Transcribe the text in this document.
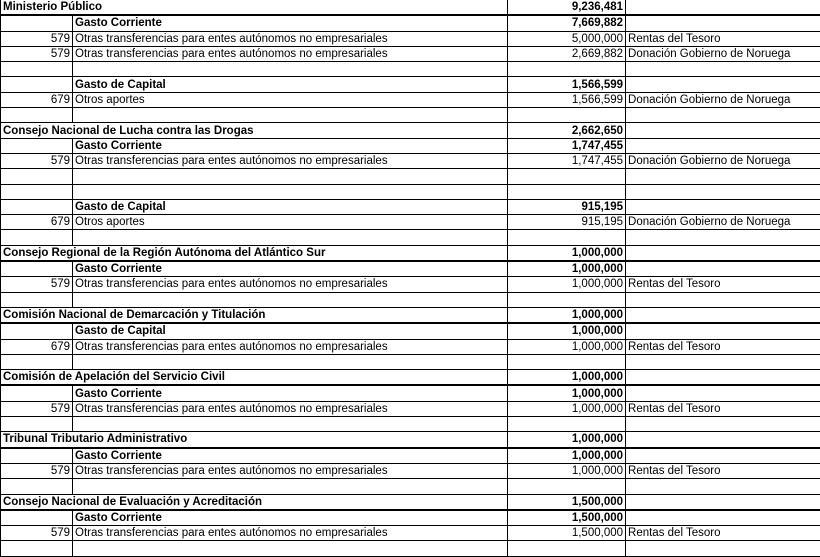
Ministerio Público		9,236,481	
	Gasto Corriente	7,669,882	
579	Otras transferencias para entes autónomos no empresariales	5,000,000	Rentas del Tesoro
579	Otras transferencias para entes autónomos no empresariales	2,669,882	Donación Gobierno de Noruega

	Gasto de Capital	1,566,599	
679	Otros aportes	1,566,599	Donación Gobierno de Noruega

Consejo Nacional de Lucha contra las Drogas		2,662,650	
	Gasto Corriente	1,747,455	
579	Otras transferencias para entes autónomos no empresariales	1,747,455	Donación Gobierno de Noruega

	Gasto de Capital	915,195	
679	Otros aportes	915,195	Donación Gobierno de Noruega

Consejo Regional de la Región Autónoma del Atlántico Sur		1,000,000	
	Gasto Corriente	1,000,000	
579	Otras transferencias para entes autónomos no empresariales	1,000,000	Rentas del Tesoro

Comisión Nacional de Demarcación y Titulación		1,000,000	
	Gasto de Capital	1,000,000	
679	Otras transferencias para entes autónomos no empresariales	1,000,000	Rentas del Tesoro

Comisión de Apelación del Servicio Civil		1,000,000	
	Gasto Corriente	1,000,000	
579	Otras transferencias para entes autónomos no empresariales	1,000,000	Rentas del Tesoro

Tribunal Tributario Administrativo		1,000,000	
	Gasto Corriente	1,000,000	
579	Otras transferencias para entes autónomos no empresariales	1,000,000	Rentas del Tesoro

Consejo Nacional de Evaluación y Acreditación		1,500,000	
	Gasto Corriente	1,500,000	
579	Otras transferencias para entes autónomos no empresariales	1,500,000	Rentas del Tesoro
